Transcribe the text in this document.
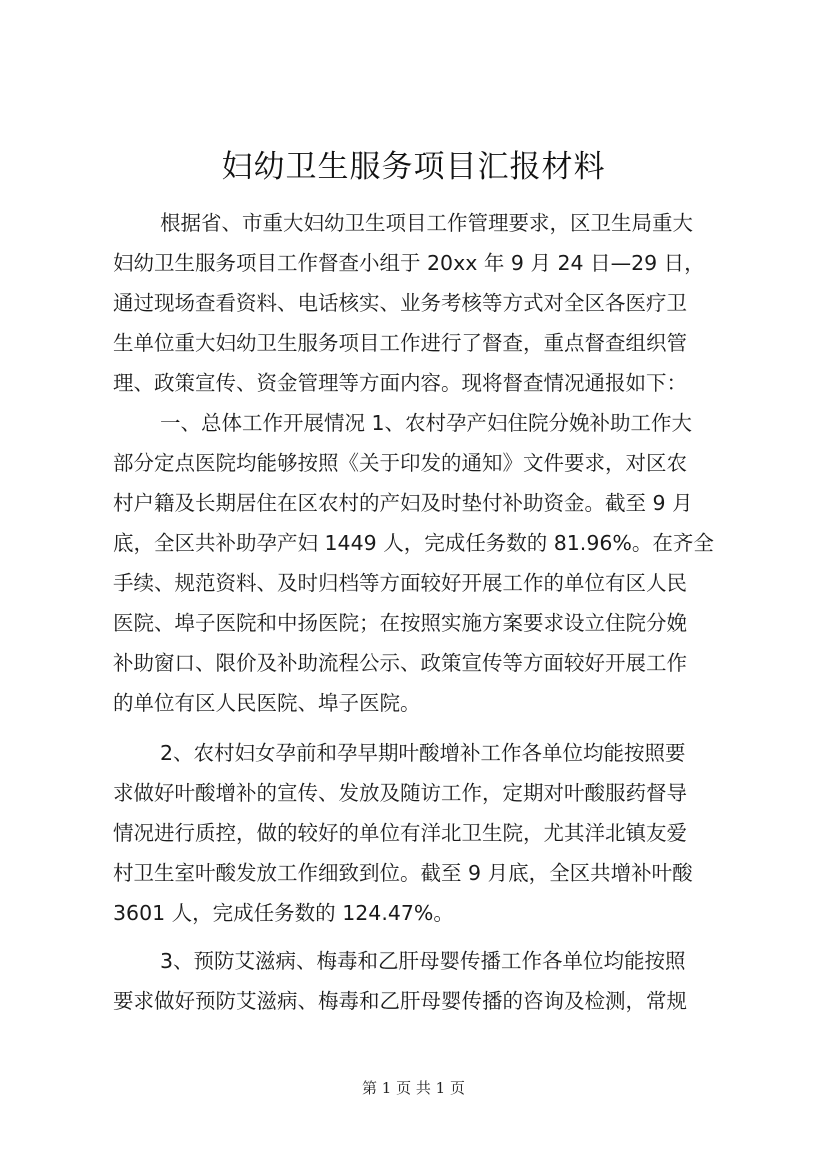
妇幼卫生服务项目汇报材料
根据省、市重大妇幼卫生项目工作管理要求，区卫生局重大
妇幼卫生服务项目工作督查小组于 20xx 年 9 月 24 日—29 日，
通过现场查看资料、电话核实、业务考核等方式对全区各医疗卫
生单位重大妇幼卫生服务项目工作进行了督查，重点督查组织管
理、政策宣传、资金管理等方面内容。现将督查情况通报如下：
一、总体工作开展情况 1、农村孕产妇住院分娩补助工作大
部分定点医院均能够按照《关于印发的通知》文件要求，对区农
村户籍及长期居住在区农村的产妇及时垫付补助资金。截至 9 月
底，全区共补助孕产妇 1449 人，完成任务数的 81.96%。在齐全
手续、规范资料、及时归档等方面较好开展工作的单位有区人民
医院、埠子医院和中扬医院；在按照实施方案要求设立住院分娩
补助窗口、限价及补助流程公示、政策宣传等方面较好开展工作
的单位有区人民医院、埠子医院。
2、农村妇女孕前和孕早期叶酸增补工作各单位均能按照要
求做好叶酸增补的宣传、发放及随访工作，定期对叶酸服药督导
情况进行质控，做的较好的单位有洋北卫生院，尤其洋北镇友爱
村卫生室叶酸发放工作细致到位。截至 9 月底，全区共增补叶酸
3601 人，完成任务数的 124.47%。
3、预防艾滋病、梅毒和乙肝母婴传播工作各单位均能按照
要求做好预防艾滋病、梅毒和乙肝母婴传播的咨询及检测，常规
第 1 页 共 1 页
